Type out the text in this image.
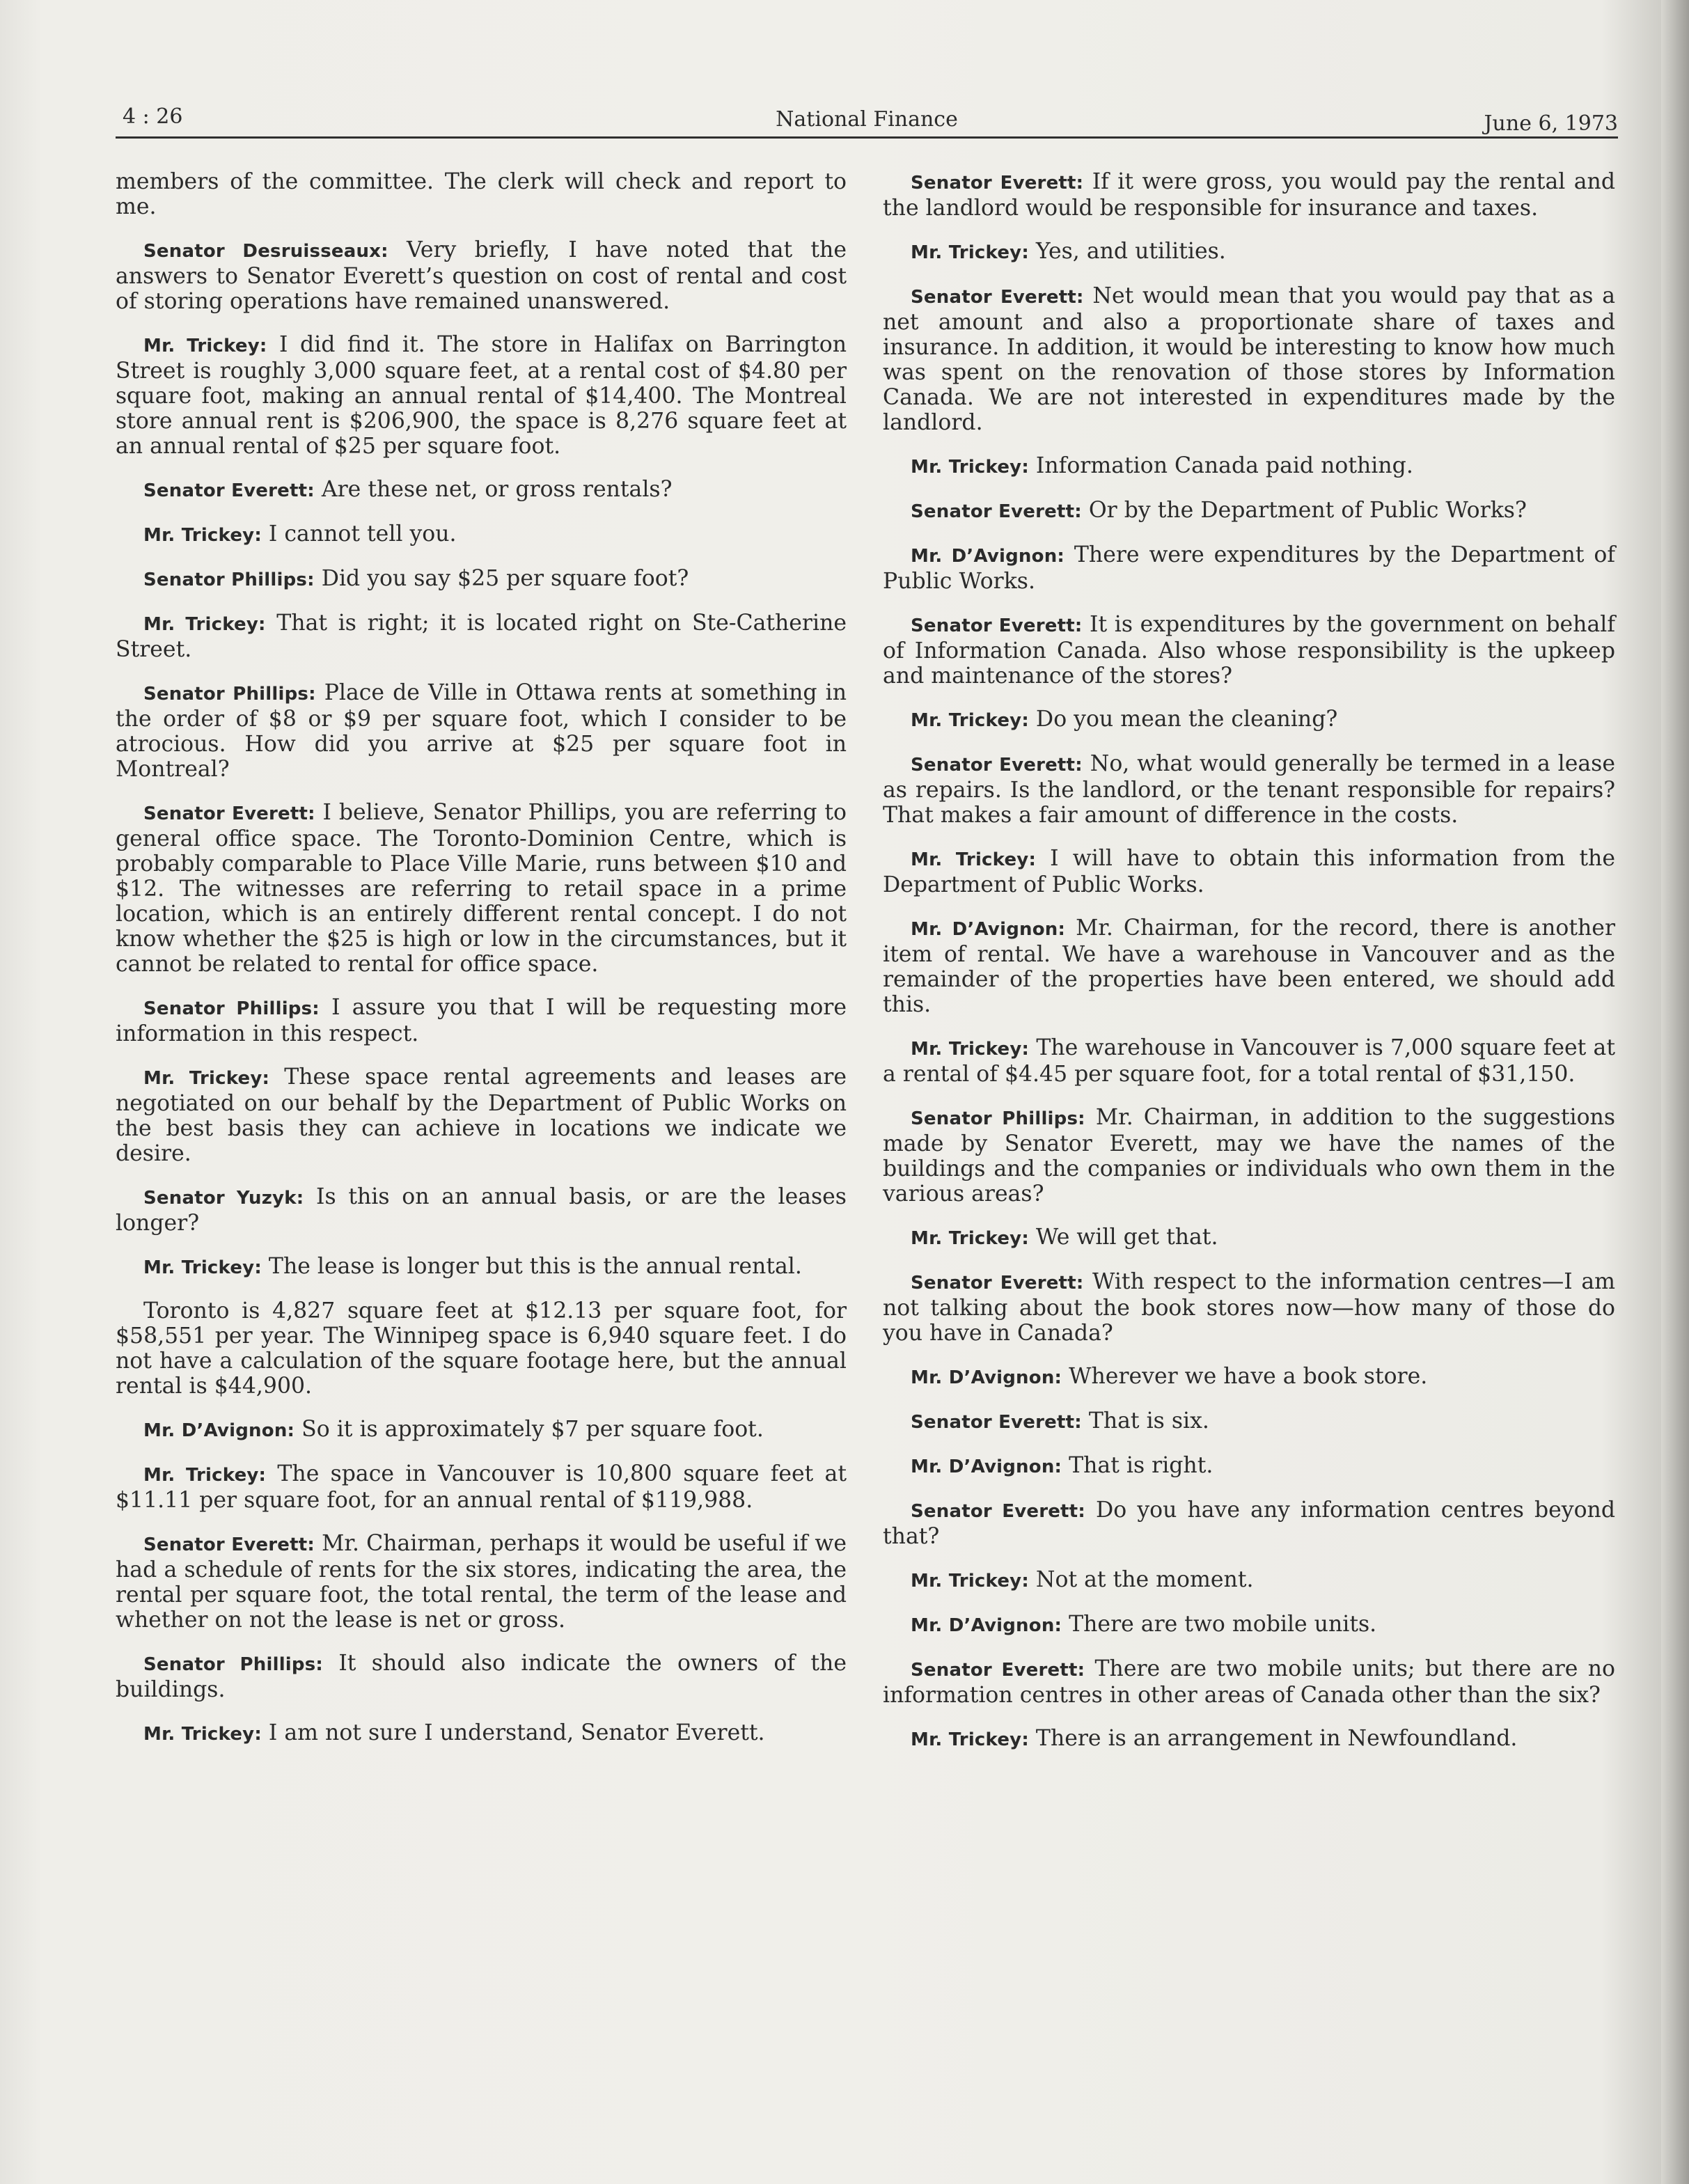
4 : 26	National Finance	June 6, 1973

members of the committee. The clerk will check and report to me.

Senator Desruisseaux: Very briefly, I have noted that the answers to Senator Everett’s question on cost of rental and cost of storing operations have remained unanswered.

Mr. Trickey: I did find it. The store in Halifax on Barrington Street is roughly 3,000 square feet, at a rental cost of $4.80 per square foot, making an annual rental of $14,400. The Montreal store annual rent is $206,900, the space is 8,276 square feet at an annual rental of $25 per square foot.

Senator Everett: Are these net, or gross rentals?

Mr. Trickey: I cannot tell you.

Senator Phillips: Did you say $25 per square foot?

Mr. Trickey: That is right; it is located right on Ste-Catherine Street.

Senator Phillips: Place de Ville in Ottawa rents at something in the order of $8 or $9 per square foot, which I consider to be atrocious. How did you arrive at $25 per square foot in Montreal?

Senator Everett: I believe, Senator Phillips, you are referring to general office space. The Toronto-Dominion Centre, which is probably comparable to Place Ville Marie, runs between $10 and $12. The witnesses are referring to retail space in a prime location, which is an entirely different rental concept. I do not know whether the $25 is high or low in the circumstances, but it cannot be related to rental for office space.

Senator Phillips: I assure you that I will be requesting more information in this respect.

Mr. Trickey: These space rental agreements and leases are negotiated on our behalf by the Department of Public Works on the best basis they can achieve in locations we indicate we desire.

Senator Yuzyk: Is this on an annual basis, or are the leases longer?

Mr. Trickey: The lease is longer but this is the annual rental.

Toronto is 4,827 square feet at $12.13 per square foot, for $58,551 per year. The Winnipeg space is 6,940 square feet. I do not have a calculation of the square footage here, but the annual rental is $44,900.

Mr. D’Avignon: So it is approximately $7 per square foot.

Mr. Trickey: The space in Vancouver is 10,800 square feet at $11.11 per square foot, for an annual rental of $119,988.

Senator Everett: Mr. Chairman, perhaps it would be useful if we had a schedule of rents for the six stores, indicating the area, the rental per square foot, the total rental, the term of the lease and whether on not the lease is net or gross.

Senator Phillips: It should also indicate the owners of the buildings.

Mr. Trickey: I am not sure I understand, Senator Everett.

Senator Everett: If it were gross, you would pay the rental and the landlord would be responsible for insurance and taxes.

Mr. Trickey: Yes, and utilities.

Senator Everett: Net would mean that you would pay that as a net amount and also a proportionate share of taxes and insurance. In addition, it would be interesting to know how much was spent on the renovation of those stores by Information Canada. We are not interested in expenditures made by the landlord.

Mr. Trickey: Information Canada paid nothing.

Senator Everett: Or by the Department of Public Works?

Mr. D’Avignon: There were expenditures by the Department of Public Works.

Senator Everett: It is expenditures by the government on behalf of Information Canada. Also whose responsibility is the upkeep and maintenance of the stores?

Mr. Trickey: Do you mean the cleaning?

Senator Everett: No, what would generally be termed in a lease as repairs. Is the landlord, or the tenant responsible for repairs? That makes a fair amount of difference in the costs.

Mr. Trickey: I will have to obtain this information from the Department of Public Works.

Mr. D’Avignon: Mr. Chairman, for the record, there is another item of rental. We have a warehouse in Vancouver and as the remainder of the properties have been entered, we should add this.

Mr. Trickey: The warehouse in Vancouver is 7,000 square feet at a rental of $4.45 per square foot, for a total rental of $31,150.

Senator Phillips: Mr. Chairman, in addition to the suggestions made by Senator Everett, may we have the names of the buildings and the companies or individuals who own them in the various areas?

Mr. Trickey: We will get that.

Senator Everett: With respect to the information centres—I am not talking about the book stores now—how many of those do you have in Canada?

Mr. D’Avignon: Wherever we have a book store.

Senator Everett: That is six.

Mr. D’Avignon: That is right.

Senator Everett: Do you have any information centres beyond that?

Mr. Trickey: Not at the moment.

Mr. D’Avignon: There are two mobile units.

Senator Everett: There are two mobile units; but there are no information centres in other areas of Canada other than the six?

Mr. Trickey: There is an arrangement in Newfoundland.
